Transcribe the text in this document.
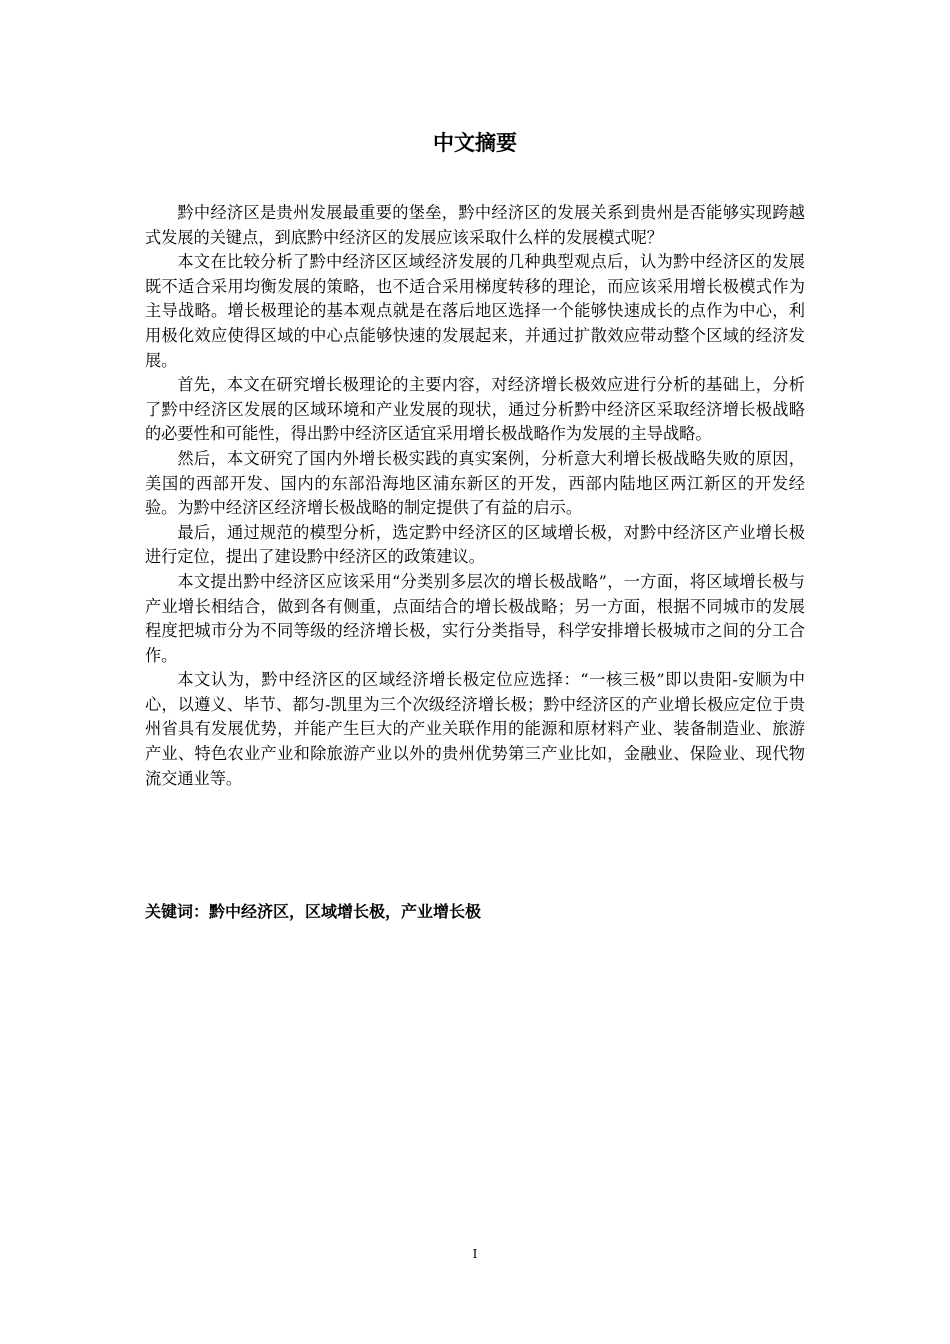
中文摘要

黔中经济区是贵州发展最重要的堡垒，黔中经济区的发展关系到贵州是否能够实现跨越式发展的关键点，到底黔中经济区的发展应该采取什么样的发展模式呢？

本文在比较分析了黔中经济区区域经济发展的几种典型观点后，认为黔中经济区的发展既不适合采用均衡发展的策略，也不适合采用梯度转移的理论，而应该采用增长极模式作为主导战略。增长极理论的基本观点就是在落后地区选择一个能够快速成长的点作为中心，利用极化效应使得区域的中心点能够快速的发展起来，并通过扩散效应带动整个区域的经济发展。

首先，本文在研究增长极理论的主要内容，对经济增长极效应进行分析的基础上，分析了黔中经济区发展的区域环境和产业发展的现状，通过分析黔中经济区采取经济增长极战略的必要性和可能性，得出黔中经济区适宜采用增长极战略作为发展的主导战略。

然后，本文研究了国内外增长极实践的真实案例，分析意大利增长极战略失败的原因，美国的西部开发、国内的东部沿海地区浦东新区的开发，西部内陆地区两江新区的开发经验。为黔中经济区经济增长极战略的制定提供了有益的启示。

最后，通过规范的模型分析，选定黔中经济区的区域增长极，对黔中经济区产业增长极进行定位，提出了建设黔中经济区的政策建议。

本文提出黔中经济区应该采用“分类别多层次的增长极战略”，一方面，将区域增长极与产业增长相结合，做到各有侧重，点面结合的增长极战略；另一方面，根据不同城市的发展程度把城市分为不同等级的经济增长极，实行分类指导，科学安排增长极城市之间的分工合作。

本文认为，黔中经济区的区域经济增长极定位应选择：“一核三极”即以贵阳-安顺为中心，以遵义、毕节、都匀-凯里为三个次级经济增长极；黔中经济区的产业增长极应定位于贵州省具有发展优势，并能产生巨大的产业关联作用的能源和原材料产业、装备制造业、旅游产业、特色农业产业和除旅游产业以外的贵州优势第三产业比如，金融业、保险业、现代物流交通业等。

关键词：黔中经济区，区域增长极，产业增长极

I
